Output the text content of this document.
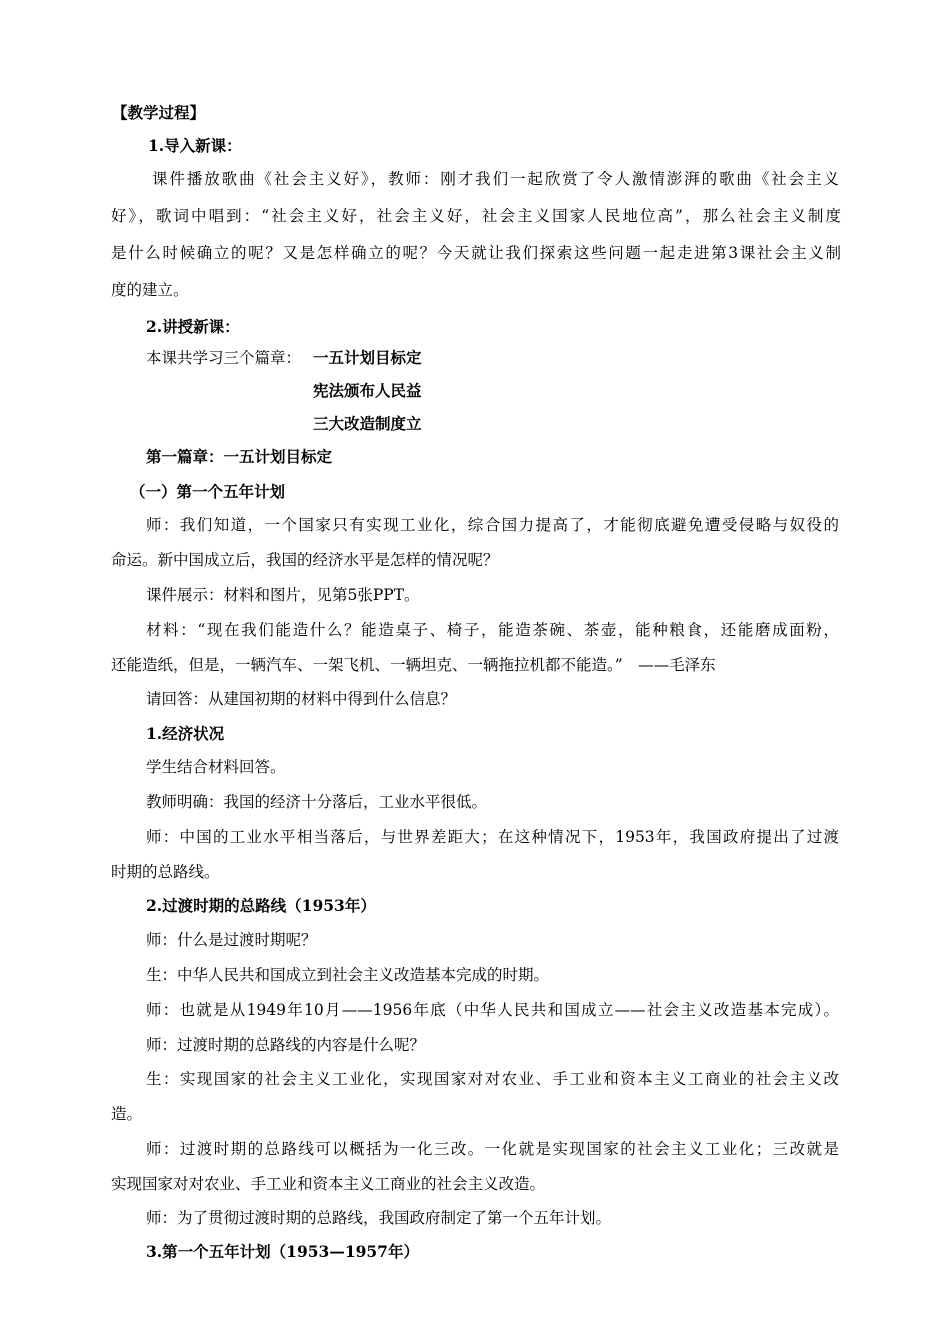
【教学过程】
1.导入新课：
课件播放歌曲《社会主义好》，教师：刚才我们一起欣赏了令人激情澎湃的歌曲《社会主义
好》，歌词中唱到：“社会主义好，社会主义好，社会主义国家人民地位高”，那么社会主义制度
是什么时候确立的呢？又是怎样确立的呢？今天就让我们探索这些问题一起走进第3课社会主义制
度的建立。
2.讲授新课：
本课共学习三个篇章： 一五计划目标定
宪法颁布人民益
三大改造制度立
第一篇章：一五计划目标定
（一）第一个五年计划
师：我们知道，一个国家只有实现工业化，综合国力提高了，才能彻底避免遭受侵略与奴役的
命运。新中国成立后，我国的经济水平是怎样的情况呢？
课件展示：材料和图片，见第5张PPT。
材料：“现在我们能造什么？能造桌子、椅子，能造茶碗、茶壶，能种粮食，还能磨成面粉，
还能造纸，但是，一辆汽车、一架飞机、一辆坦克、一辆拖拉机都不能造。”　——毛泽东
请回答：从建国初期的材料中得到什么信息？
1.经济状况
学生结合材料回答。
教师明确：我国的经济十分落后，工业水平很低。
师：中国的工业水平相当落后，与世界差距大；在这种情况下，1953年，我国政府提出了过渡
时期的总路线。
2.过渡时期的总路线（1953年）
师：什么是过渡时期呢？
生：中华人民共和国成立到社会主义改造基本完成的时期。
师：也就是从1949年10月——1956年底（中华人民共和国成立——社会主义改造基本完成）。
师：过渡时期的总路线的内容是什么呢？
生：实现国家的社会主义工业化，实现国家对对农业、手工业和资本主义工商业的社会主义改
造。
师：过渡时期的总路线可以概括为一化三改。一化就是实现国家的社会主义工业化；三改就是
实现国家对对农业、手工业和资本主义工商业的社会主义改造。
师：为了贯彻过渡时期的总路线，我国政府制定了第一个五年计划。
3.第一个五年计划（1953—1957年）
